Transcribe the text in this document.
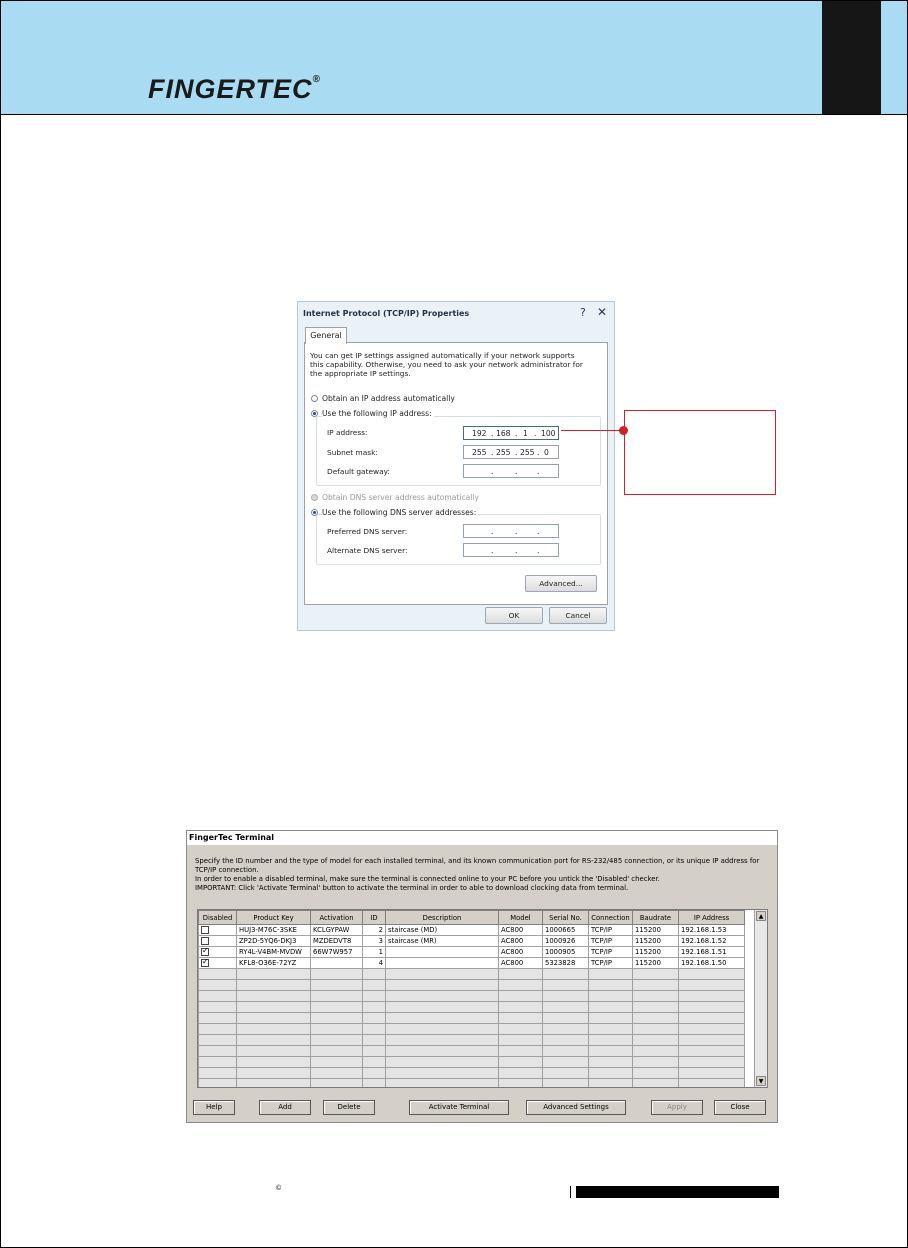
FINGERTEC®
Internet Protocol (TCP/IP) Properties	? ✕
General
You can get IP settings assigned automatically if your network supports this capability. Otherwise, you need to ask your network administrator for the appropriate IP settings.
Obtain an IP address automatically
Use the following IP address:
IP address:	192 . 168 . 1 . 100
Subnet mask:	255 . 255 . 255 . 0
Default gateway:	.	.	.
Obtain DNS server address automatically
Use the following DNS server addresses:
Preferred DNS server:	.	.	.
Alternate DNS server:	.	.	.
Advanced...
OK	Cancel
FingerTec Terminal
Specify the ID number and the type of model for each installed terminal, and its known communication port for RS-232/485 connection, or its unique IP address for TCP/IP connection.
In order to enable a disabled terminal, make sure the terminal is connected online to your PC before you untick the 'Disabled' checker.
IMPORTANT: Click 'Activate Terminal' button to activate the terminal in order to able to download clocking data from terminal.
Disabled	Product Key	Activation	ID	Description	Model	Serial No.	Connection	Baudrate	IP Address
	HUJ3-M76C-3SKE	KCLGYPAW	2	staircase (MD)	AC800	1000665	TCP/IP	115200	192.168.1.53
	ZP2D-5YQ6-DKJ3	MZDEDVT8	3	staircase (MR)	AC800	1000926	TCP/IP	115200	192.168.1.52
✓	RY4L-V4BM-MVDW	66W7W957	1		AC800	1000905	TCP/IP	115200	192.168.1.51
✓	KFL8-O36E-72YZ		4		AC800	5323828	TCP/IP	115200	192.168.1.50

▲
▼
Help	Add	Delete	Activate Terminal	Advanced Settings	Apply	Close
©
